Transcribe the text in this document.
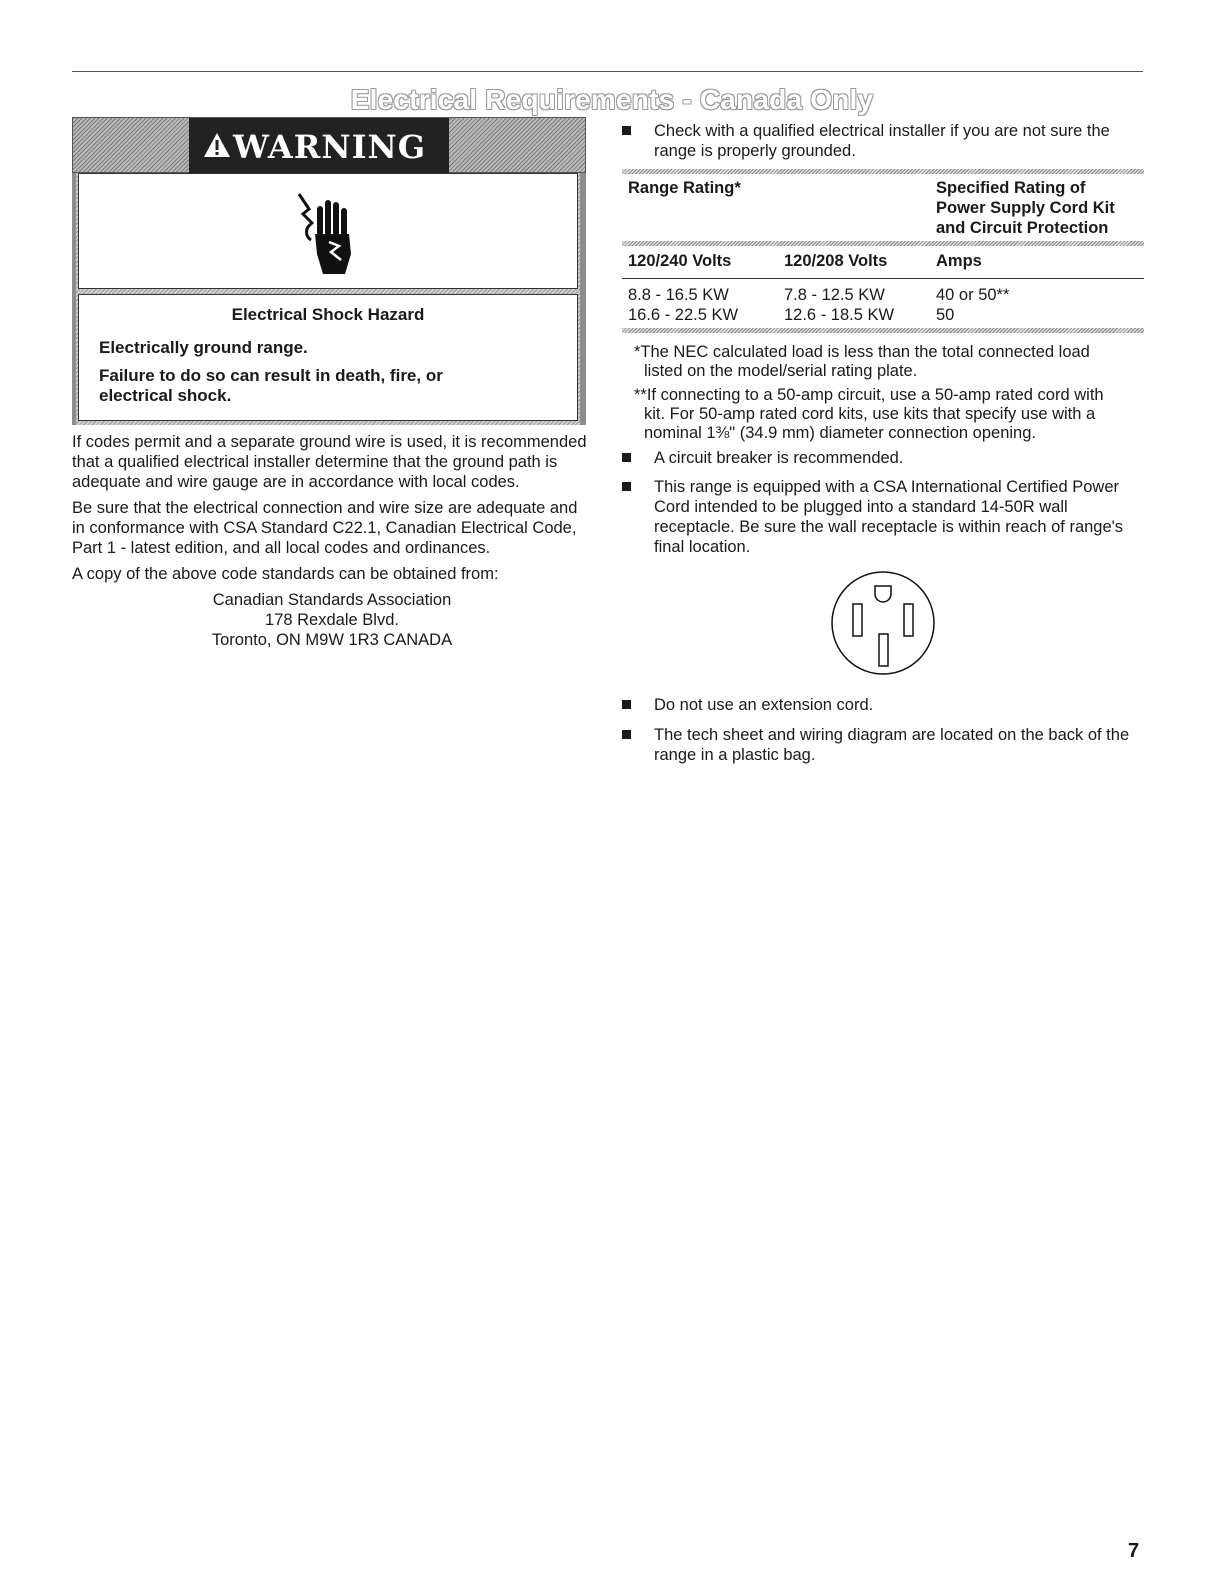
Electrical Requirements - Canada Only
WARNING
Electrical Shock Hazard
Electrically ground range.
Failure to do so can result in death, fire, or
electrical shock.

If codes permit and a separate ground wire is used, it is recommended that a qualified electrical installer determine that the ground path is adequate and wire gauge are in accordance with local codes.

Be sure that the electrical connection and wire size are adequate and in conformance with CSA Standard C22.1, Canadian Electrical Code, Part 1 - latest edition, and all local codes and ordinances.

A copy of the above code standards can be obtained from:

Canadian Standards Association
178 Rexdale Blvd.
Toronto, ON M9W 1R3 CANADA
Check with a qualified electrical installer if you are not sure the range is properly grounded.
Range Rating*	Specified Rating of
Power Supply Cord Kit
and Circuit Protection
120/240 Volts	120/208 Volts	Amps
8.8 - 16.5 KW	7.8 - 12.5 KW	40 or 50**
16.6 - 22.5 KW	12.6 - 18.5 KW	50
*The NEC calculated load is less than the total connected load
listed on the model/serial rating plate.
**If connecting to a 50-amp circuit, use a 50-amp rated cord with
kit. For 50-amp rated cord kits, use kits that specify use with a
nominal 1⅜" (34.9 mm) diameter connection opening.
A circuit breaker is recommended.
This range is equipped with a CSA International Certified Power Cord intended to be plugged into a standard 14-50R wall receptacle. Be sure the wall receptacle is within reach of range's final location.
Do not use an extension cord.
The tech sheet and wiring diagram are located on the back of the range in a plastic bag.
7
